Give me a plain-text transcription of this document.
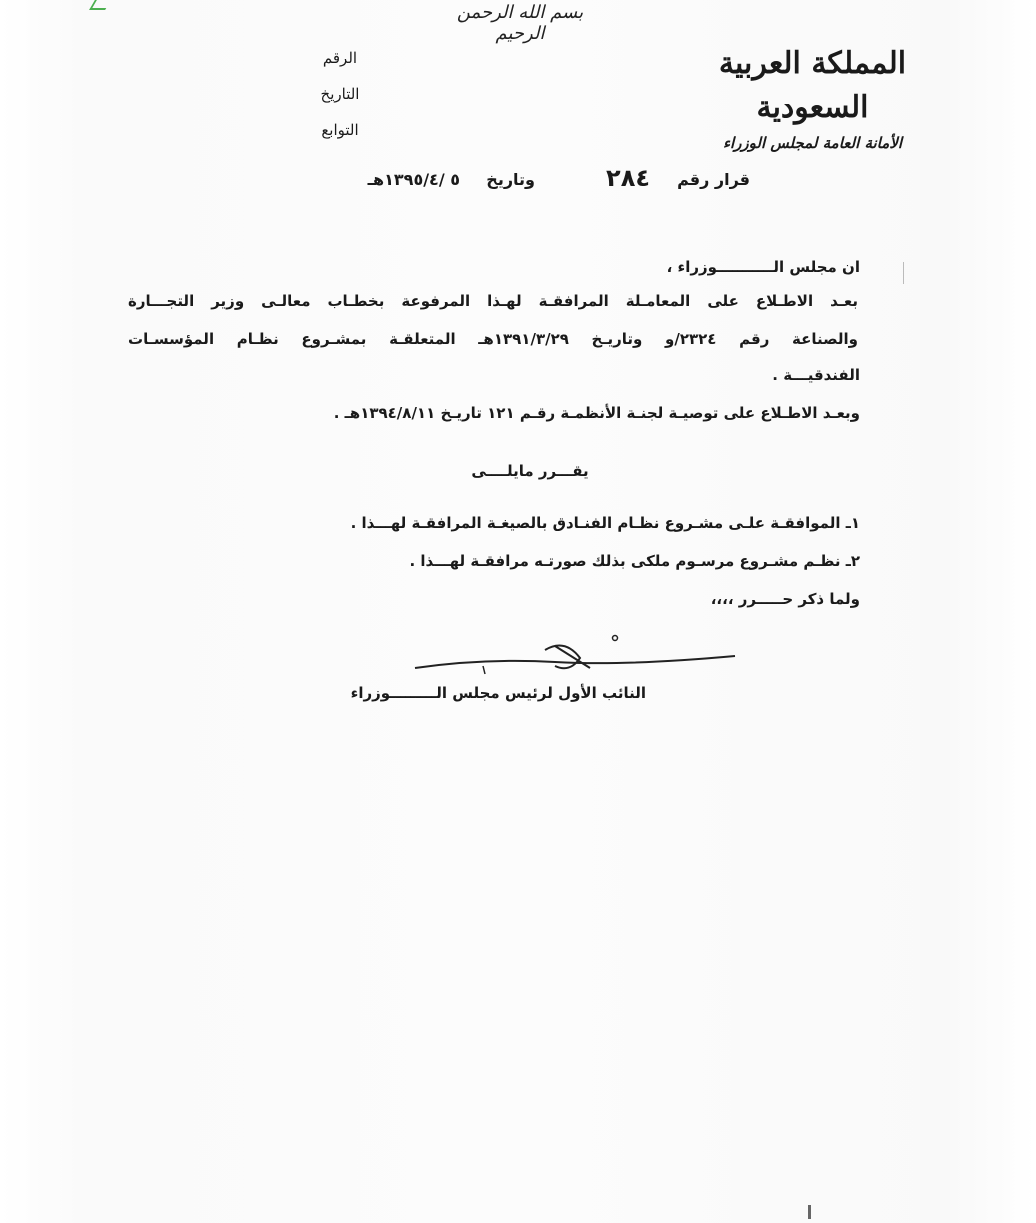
بسم الله الرحمن الرحيم
المملكة العربية السعودية
الأمانة العامة لمجلس الوزراء
الرقم
التاريخ
التوابع
قرار رقم
٢٨٤
وتاريخ
٥ /١٣٩٥/٤هـ
ان مجلس الـــــــــــوزراء ،
بعـد الاطـلاع على المعامـلة المرافقـة لهـذا المرفوعة بخطـاب معالـى وزير التجـــارة
والصناعة رقم ٢٣٢٤/و وتاريـخ ١٣٩١/٣/٢٩هـ المتعلقـة بمشـروع نظـام المؤسسـات
الفندقيـــة .
وبعـد الاطـلاع على توصيـة لجنـة الأنظمـة رقـم ١٢١ تاريـخ ١٣٩٤/٨/١١هـ .
يقـــرر مايلــــى
١ـ الموافقـة علـى مشـروع نظـام الفنـادق بالصيغـة المرافقـة لهـــذا .
٢ـ نظـم مشـروع مرسـوم ملكى بذلك صورتـه مرافقـة لهـــذا .
ولما ذكر حـــــرر ،،،،
النائب الأول لرئيس مجلس الـــــــــوزراء
